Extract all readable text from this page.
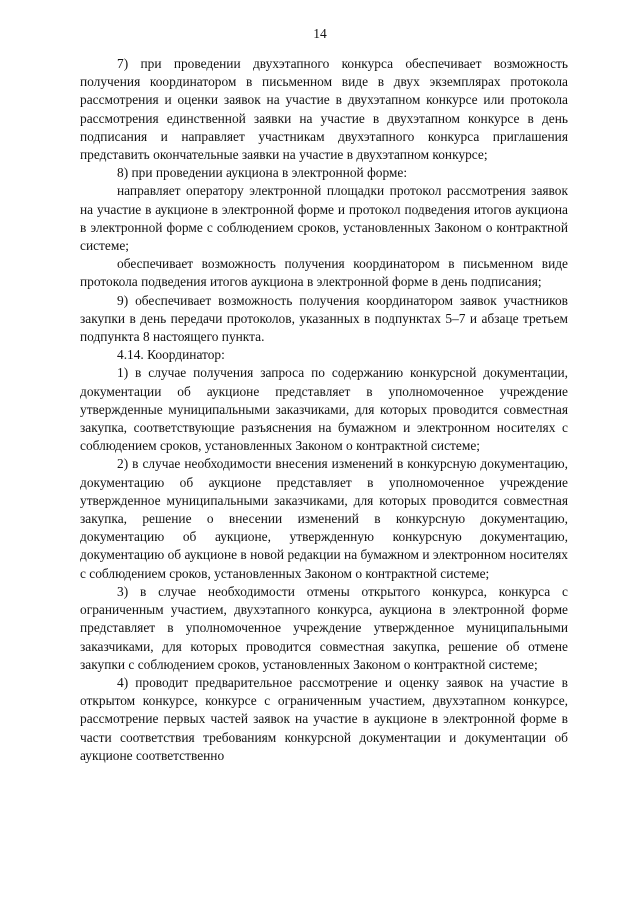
14

7) при проведении двухэтапного конкурса обеспечивает возможность получения координатором в письменном виде в двух экземплярах протокола рассмотрения и оценки заявок на участие в двухэтапном конкурсе или протокола рассмотрения единственной заявки на участие в двухэтапном конкурсе в день подписания и направляет участникам двухэтапного конкурса приглашения представить окончательные заявки на участие в двухэтапном конкурсе;

8) при проведении аукциона в электронной форме:

направляет оператору электронной площадки протокол рассмотрения заявок на участие в аукционе в электронной форме и протокол подведения итогов аукциона в электронной форме с соблюдением сроков, установленных Законом о контрактной системе;

обеспечивает возможность получения координатором в письменном виде протокола подведения итогов аукциона в электронной форме в день подписания;

9) обеспечивает возможность получения координатором заявок участников закупки в день передачи протоколов, указанных в подпунктах 5–7 и абзаце третьем подпункта 8 настоящего пункта.

4.14. Координатор:

1) в случае получения запроса по содержанию конкурсной документации, документации об аукционе представляет в уполномоченное учреждение утвержденные муниципальными заказчиками, для которых проводится совместная закупка, соответствующие разъяснения на бумажном и электронном носителях с соблюдением сроков, установленных Законом о контрактной системе;

2) в случае необходимости внесения изменений в конкурсную документацию, документацию об аукционе представляет в уполномоченное учреждение утвержденное муниципальными заказчиками, для которых проводится совместная закупка, решение о внесении изменений в конкурсную документацию, документацию об аукционе, утвержденную конкурсную документацию, документацию об аукционе в новой редакции на бумажном и электронном носителях с соблюдением сроков, установленных Законом о контрактной системе;

3) в случае необходимости отмены открытого конкурса, конкурса с ограниченным участием, двухэтапного конкурса, аукциона в электронной форме представляет в уполномоченное учреждение утвержденное муниципальными заказчиками, для которых проводится совместная закупка, решение об отмене закупки с соблюдением сроков, установленных Законом о контрактной системе;

4) проводит предварительное рассмотрение и оценку заявок на участие в открытом конкурсе, конкурсе с ограниченным участием, двухэтапном конкурсе, рассмотрение первых частей заявок на участие в аукционе в электронной форме в части соответствия требованиям конкурсной документации и документации об аукционе соответственно
